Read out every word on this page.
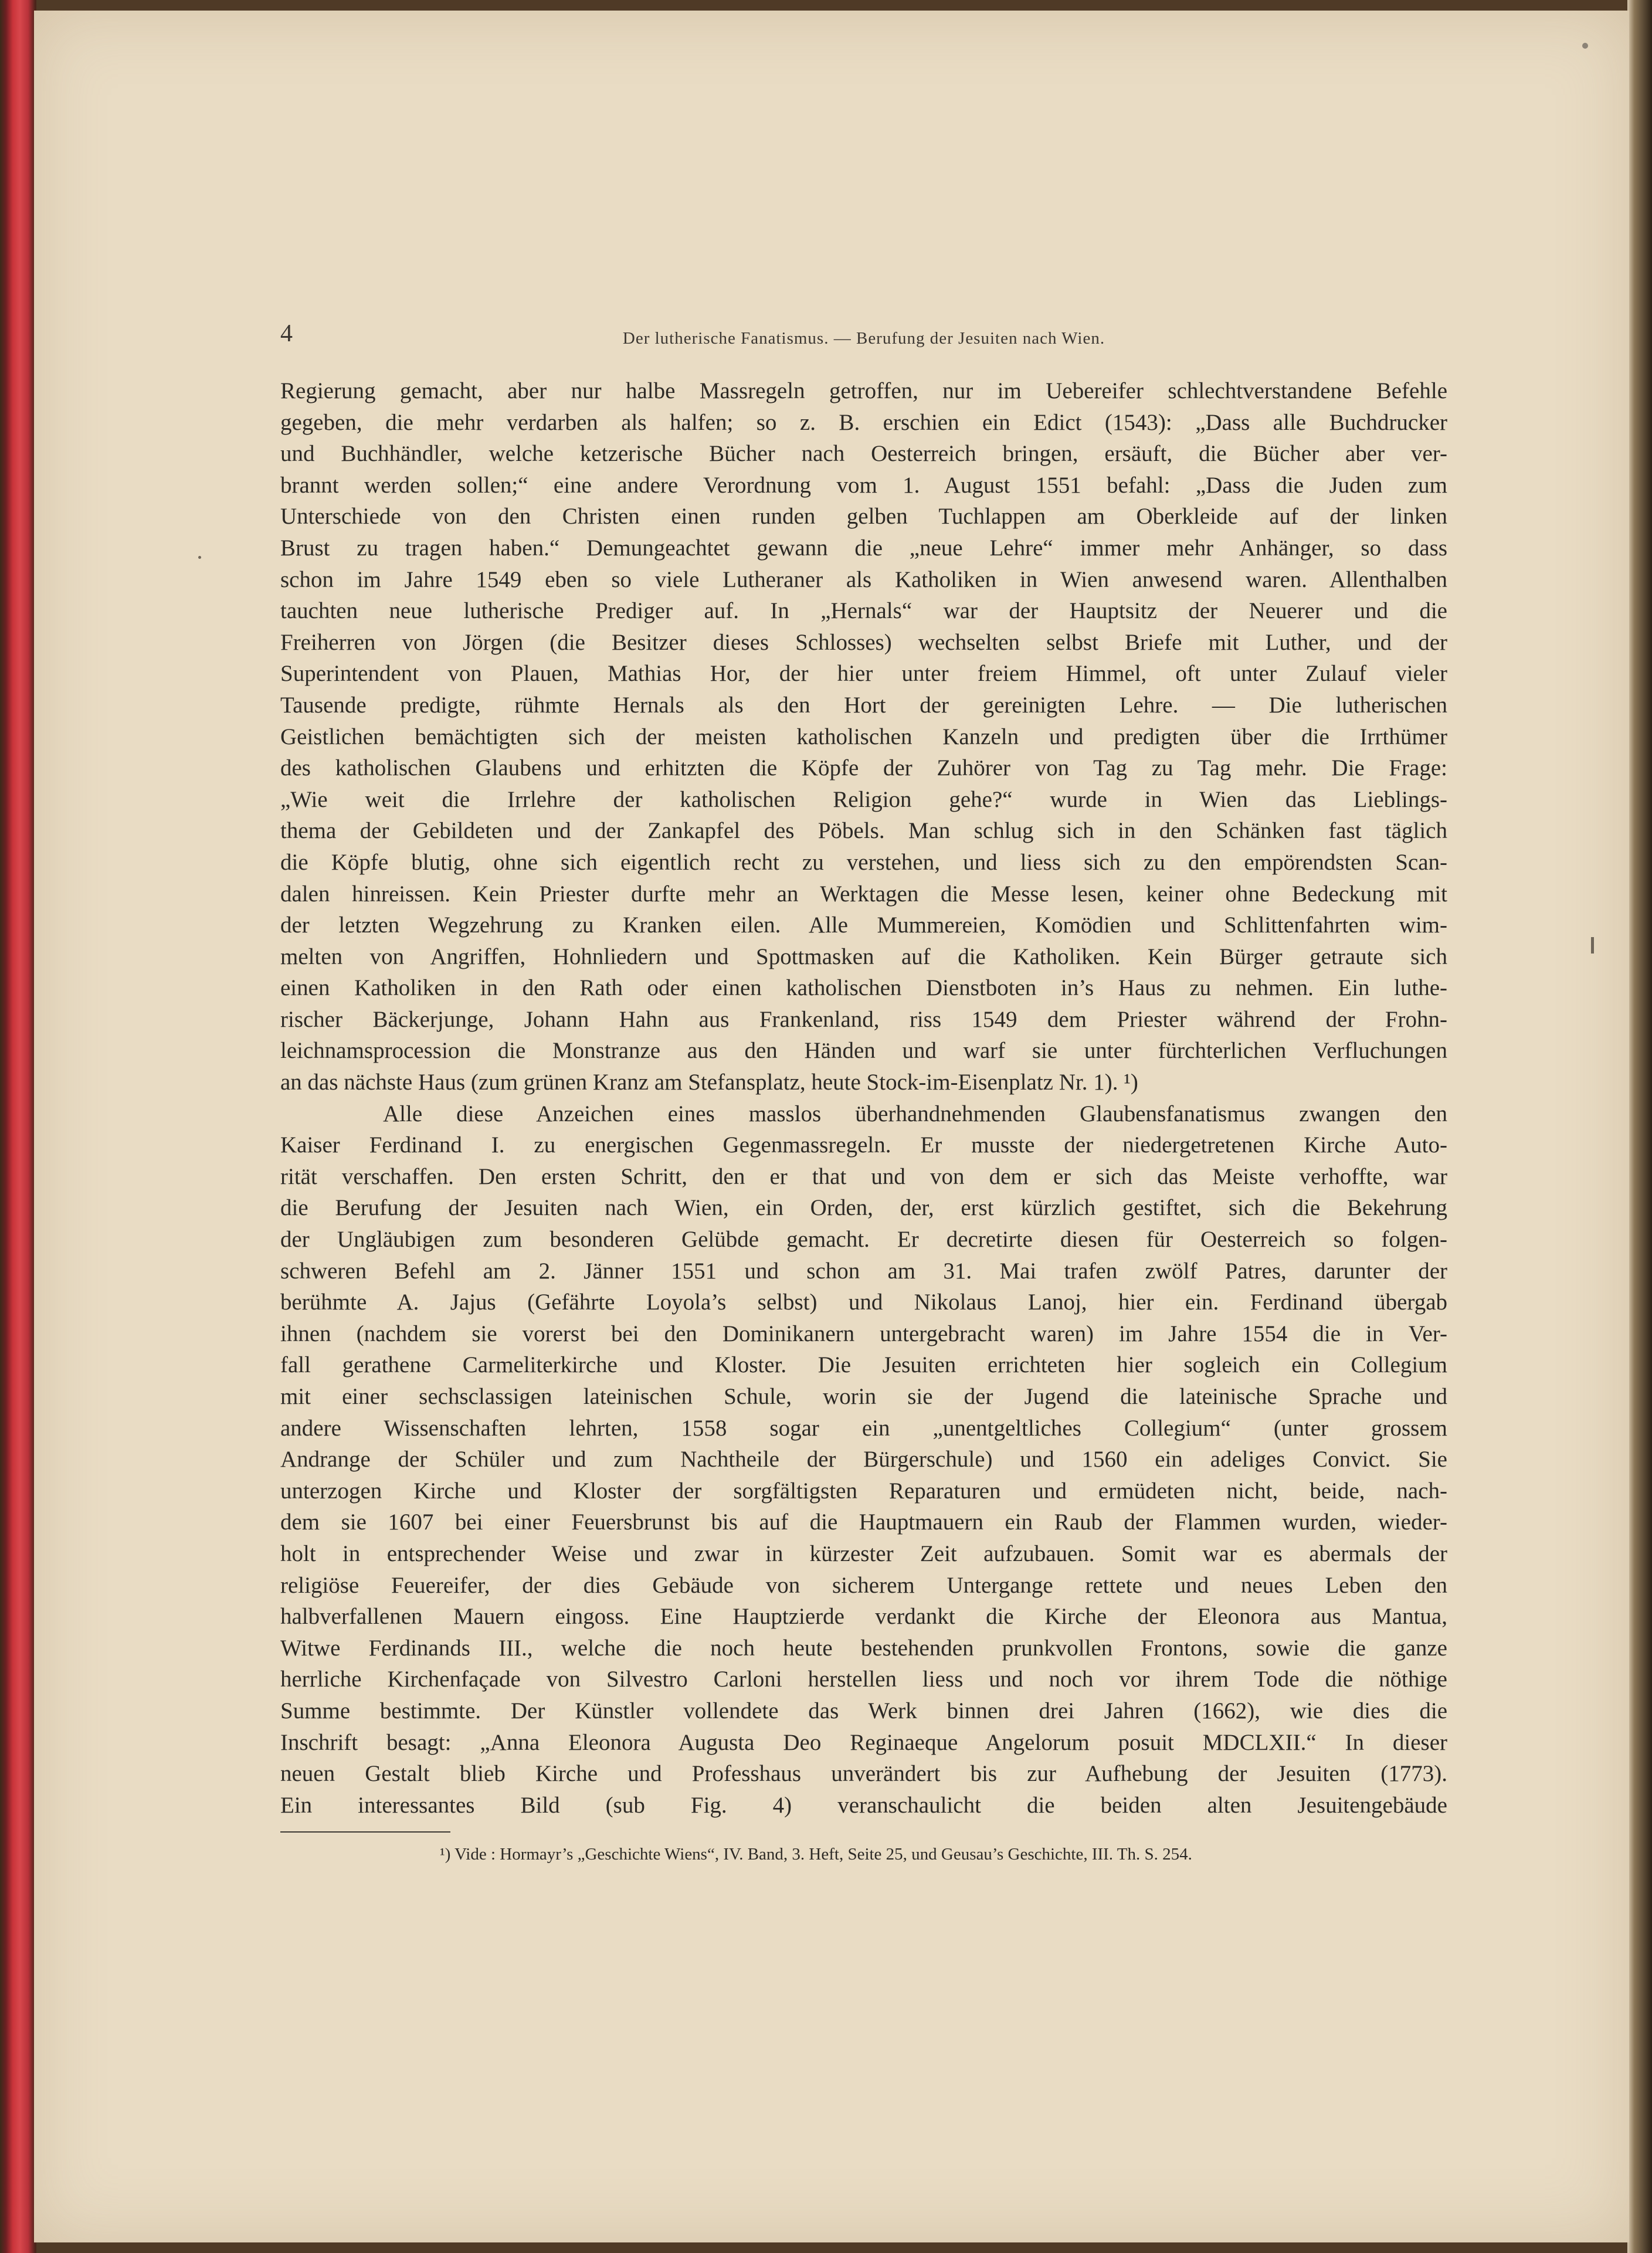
4	Der lutherische Fanatismus. — Berufung der Jesuiten nach Wien.

Regierung gemacht, aber nur halbe Massregeln getroffen, nur im Uebereifer schlechtverstandene Befehle

gegeben, die mehr verdarben als halfen; so z. B. erschien ein Edict (1543): „Dass alle Buchdrucker

und Buchhändler, welche ketzerische Bücher nach Oesterreich bringen, ersäuft, die Bücher aber ver-

brannt werden sollen;“ eine andere Verordnung vom 1. August 1551 befahl: „Dass die Juden zum

Unterschiede von den Christen einen runden gelben Tuchlappen am Oberkleide auf der linken

Brust zu tragen haben.“ Demungeachtet gewann die „neue Lehre“ immer mehr Anhänger, so dass

schon im Jahre 1549 eben so viele Lutheraner als Katholiken in Wien anwesend waren. Allenthalben

tauchten neue lutherische Prediger auf. In „Hernals“ war der Hauptsitz der Neuerer und die

Freiherren von Jörgen (die Besitzer dieses Schlosses) wechselten selbst Briefe mit Luther, und der

Superintendent von Plauen, Mathias Hor, der hier unter freiem Himmel, oft unter Zulauf vieler

Tausende predigte, rühmte Hernals als den Hort der gereinigten Lehre. — Die lutherischen

Geistlichen bemächtigten sich der meisten katholischen Kanzeln und predigten über die Irrthümer

des katholischen Glaubens und erhitzten die Köpfe der Zuhörer von Tag zu Tag mehr. Die Frage:

„Wie weit die Irrlehre der katholischen Religion gehe?“ wurde in Wien das Lieblings-

thema der Gebildeten und der Zankapfel des Pöbels. Man schlug sich in den Schänken fast täglich

die Köpfe blutig, ohne sich eigentlich recht zu verstehen, und liess sich zu den empörendsten Scan-

dalen hinreissen. Kein Priester durfte mehr an Werktagen die Messe lesen, keiner ohne Bedeckung mit

der letzten Wegzehrung zu Kranken eilen. Alle Mummereien, Komödien und Schlittenfahrten wim-

melten von Angriffen, Hohnliedern und Spottmasken auf die Katholiken. Kein Bürger getraute sich

einen Katholiken in den Rath oder einen katholischen Dienstboten in’s Haus zu nehmen. Ein luthe-

rischer Bäckerjunge, Johann Hahn aus Frankenland, riss 1549 dem Priester während der Frohn-

leichnamsprocession die Monstranze aus den Händen und warf sie unter fürchterlichen Verfluchungen

an das nächste Haus (zum grünen Kranz am Stefansplatz, heute Stock-im-Eisenplatz Nr. 1). ¹)

Alle diese Anzeichen eines masslos überhandnehmenden Glaubensfanatismus zwangen den

Kaiser Ferdinand I. zu energischen Gegenmassregeln. Er musste der niedergetretenen Kirche Auto-

rität verschaffen. Den ersten Schritt, den er that und von dem er sich das Meiste verhoffte, war

die Berufung der Jesuiten nach Wien, ein Orden, der, erst kürzlich gestiftet, sich die Bekehrung

der Ungläubigen zum besonderen Gelübde gemacht. Er decretirte diesen für Oesterreich so folgen-

schweren Befehl am 2. Jänner 1551 und schon am 31. Mai trafen zwölf Patres, darunter der

berühmte A. Jajus (Gefährte Loyola’s selbst) und Nikolaus Lanoj, hier ein. Ferdinand übergab

ihnen (nachdem sie vorerst bei den Dominikanern untergebracht waren) im Jahre 1554 die in Ver-

fall gerathene Carmeliterkirche und Kloster. Die Jesuiten errichteten hier sogleich ein Collegium

mit einer sechsclassigen lateinischen Schule, worin sie der Jugend die lateinische Sprache und

andere Wissenschaften lehrten, 1558 sogar ein „unentgeltliches Collegium“ (unter grossem

Andrange der Schüler und zum Nachtheile der Bürgerschule) und 1560 ein adeliges Convict. Sie

unterzogen Kirche und Kloster der sorgfältigsten Reparaturen und ermüdeten nicht, beide, nach-

dem sie 1607 bei einer Feuersbrunst bis auf die Hauptmauern ein Raub der Flammen wurden, wieder-

holt in entsprechender Weise und zwar in kürzester Zeit aufzubauen. Somit war es abermals der

religiöse Feuereifer, der dies Gebäude von sicherem Untergange rettete und neues Leben den

halbverfallenen Mauern eingoss. Eine Hauptzierde verdankt die Kirche der Eleonora aus Mantua,

Witwe Ferdinands III., welche die noch heute bestehenden prunkvollen Frontons, sowie die ganze

herrliche Kirchenfaçade von Silvestro Carloni herstellen liess und noch vor ihrem Tode die nöthige

Summe bestimmte. Der Künstler vollendete das Werk binnen drei Jahren (1662), wie dies die

Inschrift besagt: „Anna Eleonora Augusta Deo Reginaeque Angelorum posuit MDCLXII.“ In dieser

neuen Gestalt blieb Kirche und Professhaus unverändert bis zur Aufhebung der Jesuiten (1773).

Ein interessantes Bild (sub Fig. 4) veranschaulicht die beiden alten Jesuitengebäude

¹) Vide : Hormayr’s „Geschichte Wiens“, IV. Band, 3. Heft, Seite 25, und Geusau’s Geschichte, III. Th. S. 254.
